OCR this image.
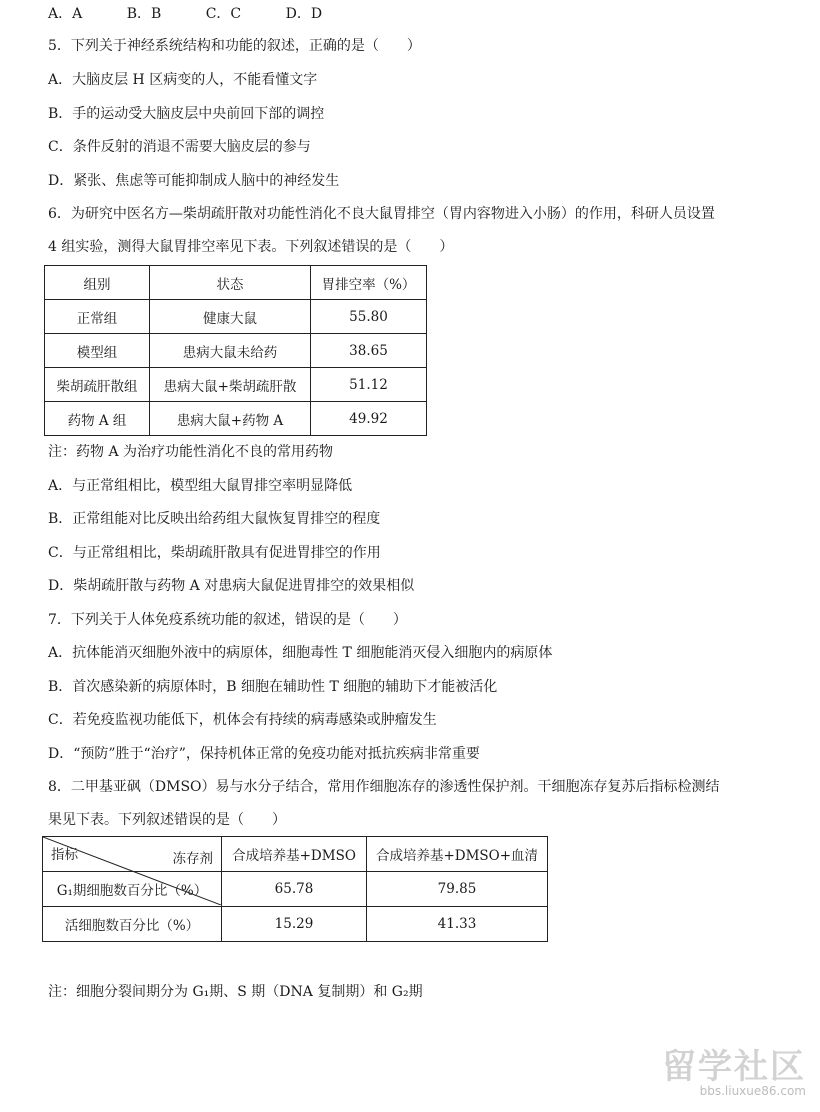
A．A	B．B	C．C	D．D
5．下列关于神经系统结构和功能的叙述，正确的是（　　）
A．大脑皮层 H 区病变的人，不能看懂文字
B．手的运动受大脑皮层中央前回下部的调控
C．条件反射的消退不需要大脑皮层的参与
D．紧张、焦虑等可能抑制成人脑中的神经发生
6．为研究中医名方—柴胡疏肝散对功能性消化不良大鼠胃排空（胃内容物进入小肠）的作用，科研人员设置
4 组实验，测得大鼠胃排空率见下表。下列叙述错误的是（　　）
组别	状态	胃排空率（%）
正常组	健康大鼠	55.80
模型组	患病大鼠未给药	38.65
柴胡疏肝散组	患病大鼠+柴胡疏肝散	51.12
药物 A 组	患病大鼠+药物 A	49.92
注：药物 A 为治疗功能性消化不良的常用药物
A．与正常组相比，模型组大鼠胃排空率明显降低
B．正常组能对比反映出给药组大鼠恢复胃排空的程度
C．与正常组相比，柴胡疏肝散具有促进胃排空的作用
D．柴胡疏肝散与药物 A 对患病大鼠促进胃排空的效果相似
7．下列关于人体免疫系统功能的叙述，错误的是（　　）
A．抗体能消灭细胞外液中的病原体，细胞毒性 T 细胞能消灭侵入细胞内的病原体
B．首次感染新的病原体时，B 细胞在辅助性 T 细胞的辅助下才能被活化
C．若免疫监视功能低下，机体会有持续的病毒感染或肿瘤发生
D．“预防”胜于“治疗”，保持机体正常的免疫功能对抵抗疾病非常重要
8．二甲基亚砜（DMSO）易与水分子结合，常用作细胞冻存的渗透性保护剂。干细胞冻存复苏后指标检测结
果见下表。下列叙述错误的是（　　）
冻存剂
指标	合成培养基+DMSO	合成培养基+DMSO+血清
G₁期细胞数百分比（%）	65.78	79.85
活细胞数百分比（%）	15.29	41.33
注：细胞分裂间期分为 G₁期、S 期（DNA 复制期）和 G₂期
留学社区
bbs.liuxue86.com
